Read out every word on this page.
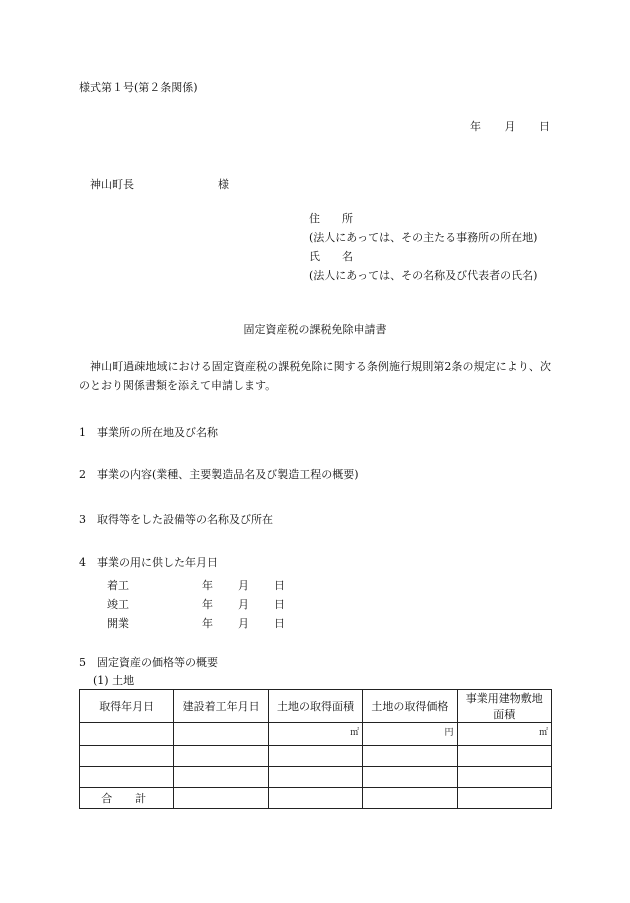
様式第１号(第２条関係)
年 月 日
神山町長	様
住　　所
(法人にあっては、その主たる事務所の所在地)
氏　　名
(法人にあっては、その名称及び代表者の氏名)
固定資産税の課税免除申請書
神山町過疎地域における固定資産税の課税免除に関する条例施行規則第2条の規定により、次のとおり関係書類を添えて申請します。
1 事業所の所在地及び名称
2 事業の内容(業種、主要製造品名及び製造工程の概要)
3 取得等をした設備等の名称及び所在
4 事業の用に供した年月日
着工	年	月	日
竣工	年	月	日
開業	年	月	日
5 固定資産の価格等の概要
(1) 土地
取得年月日	建設着工年月日	土地の取得面積	土地の取得価格	事業用建物敷地面積
		㎡	円	㎡

合　計				
